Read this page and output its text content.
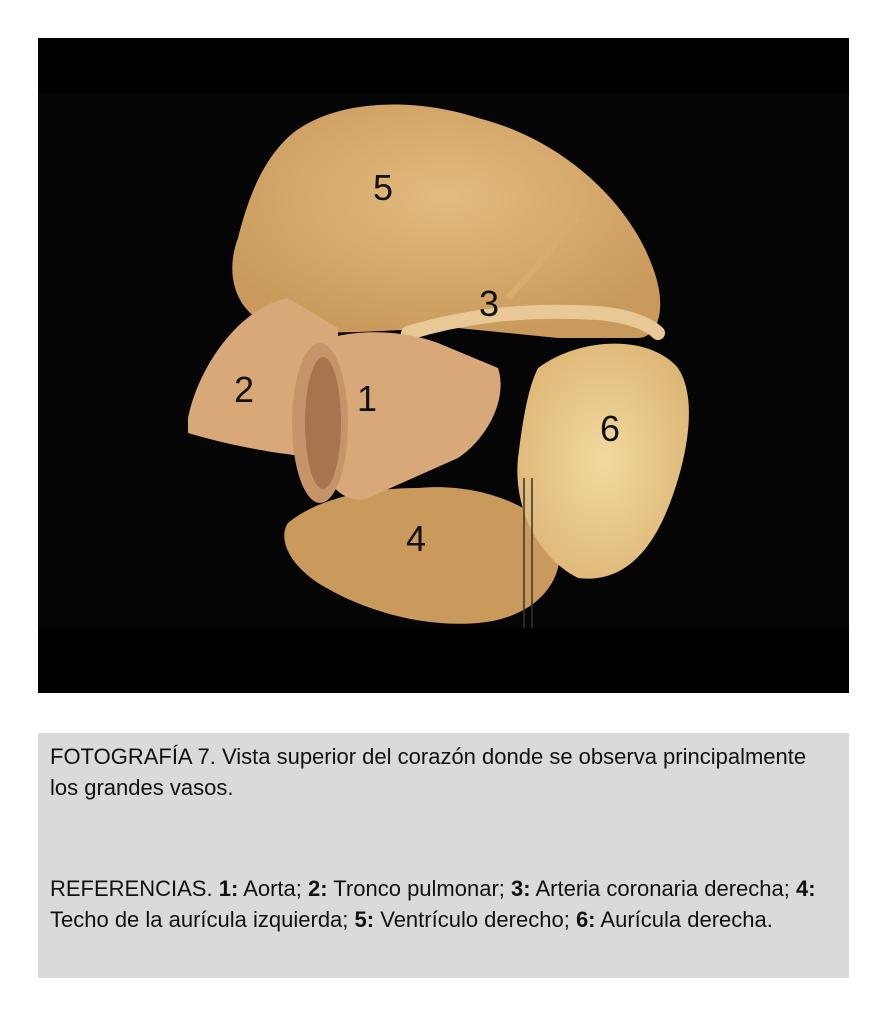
5
3
2	1
6
4

FOTOGRAFÍA 7. Vista superior del corazón donde se observa principalmente los grandes vasos.

REFERENCIAS. 1: Aorta; 2: Tronco pulmonar; 3: Arteria coronaria derecha; 4: Techo de la aurícula izquierda; 5: Ventrículo derecho; 6: Aurícula derecha.
